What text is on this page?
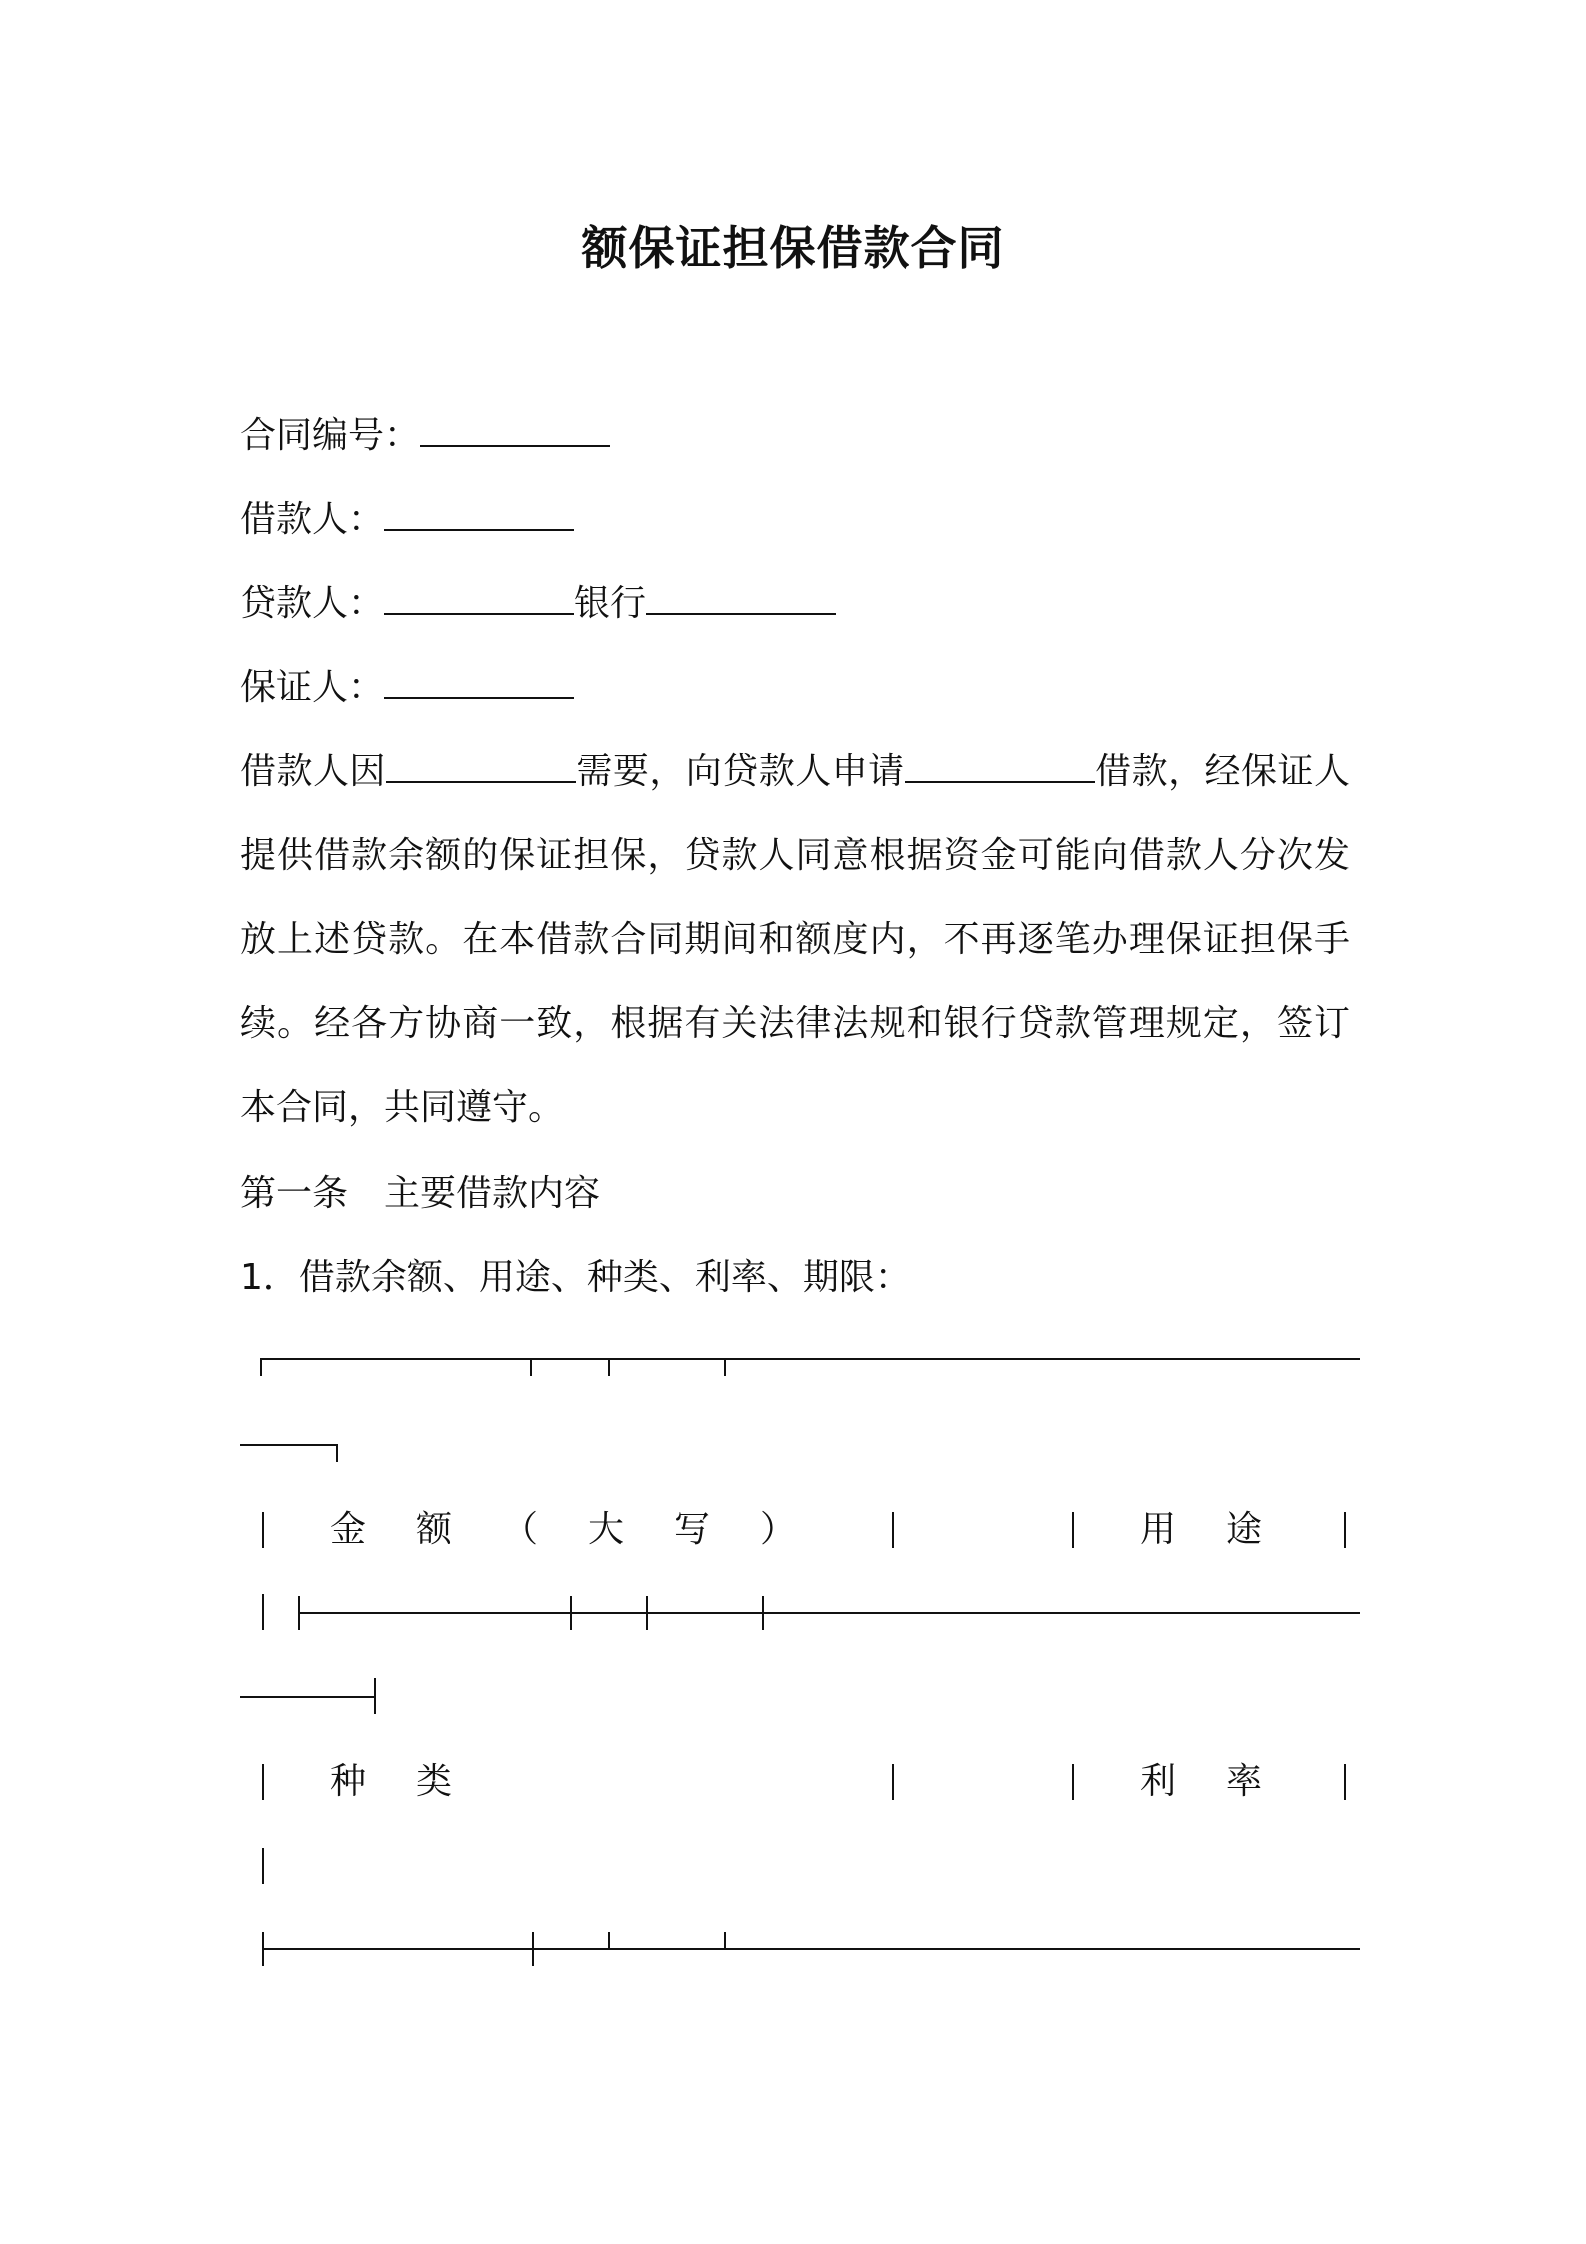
额保证担保借款合同
合同编号：
借款人：
贷款人：	银行
保证人：
借款人因	需要，向贷款人申请	借款，经保证人提供借款余额的保证担保，贷款人同意根据资金可能向借款人分次发放上述贷款。在本借款合同期间和额度内，不再逐笔办理保证担保手续。经各方协商一致，根据有关法律法规和银行贷款管理规定，签订本合同，共同遵守。
第一条　主要借款内容
1．借款余额、用途、种类、利率、期限：
金额（大写）	用途
种类	利率
